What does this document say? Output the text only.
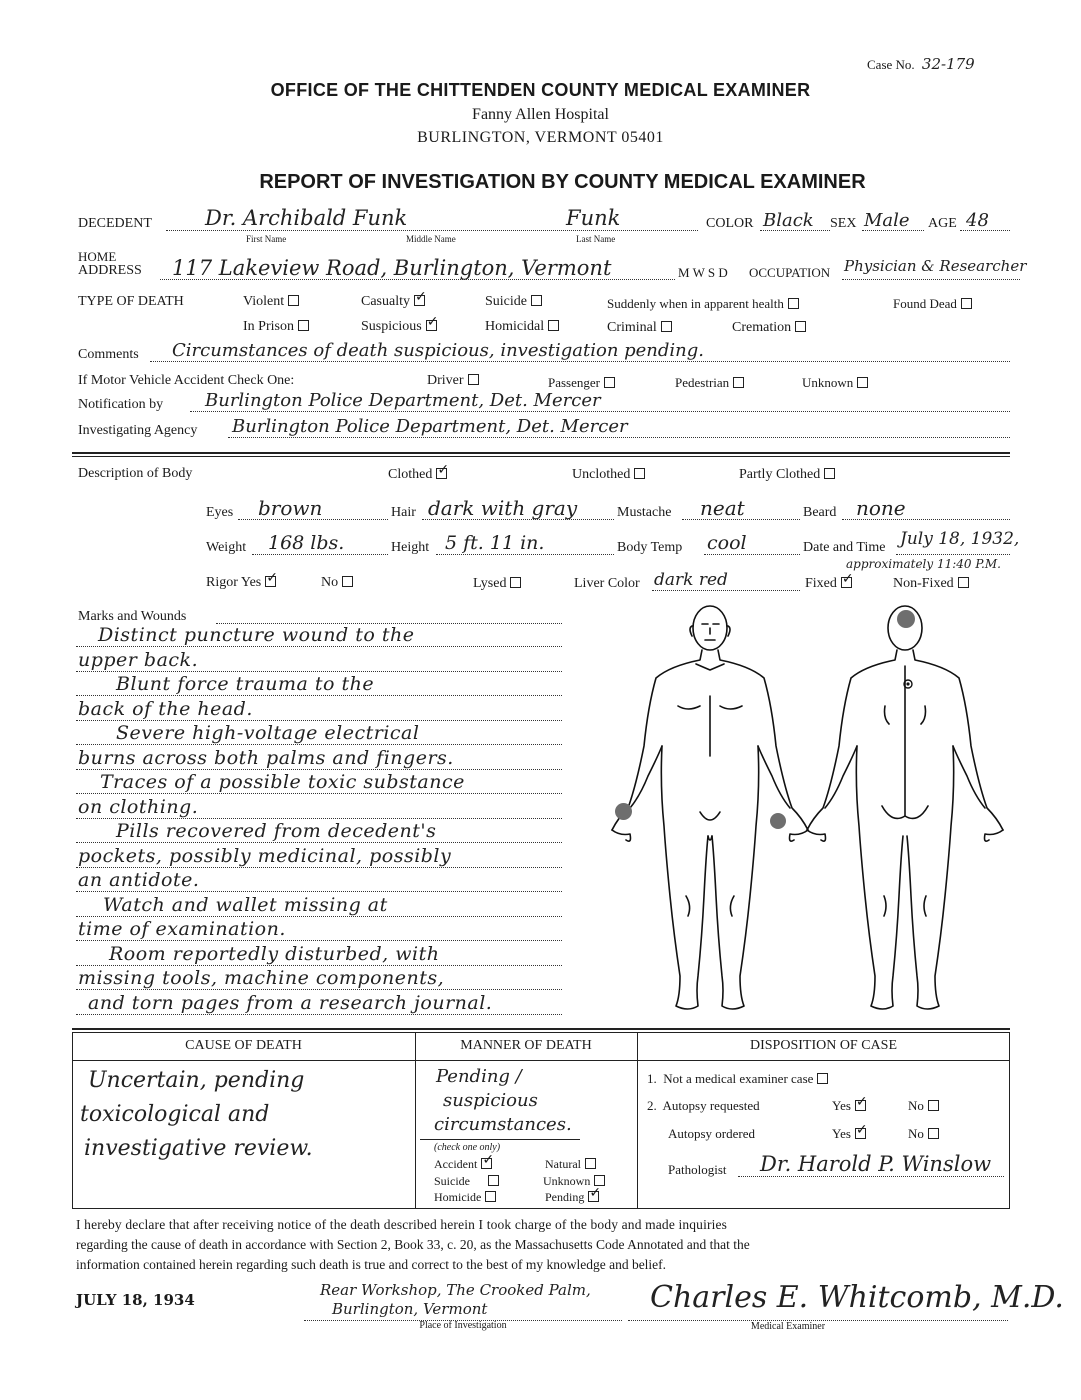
Case No. 32-179
OFFICE OF THE CHITTENDEN COUNTY MEDICAL EXAMINER
Fanny Allen Hospital
BURLINGTON, VERMONT 05401
REPORT OF INVESTIGATION BY COUNTY MEDICAL EXAMINER
DECEDENT	Dr. Archibald Funk	Funk
First Name	Middle Name	Last Name
COLOR Black SEX Male AGE 48
HOME
ADDRESS 117 Lakeview Road, Burlington, Vermont	M W S D OCCUPATION Physician & Researcher
TYPE OF DEATH	Violent	Casualty ✓	Suicide	Suddenly when in apparent health	Found Dead
In Prison	Suspicious ✓	Homicidal	Criminal	Cremation
Comments Circumstances of death suspicious, investigation pending.
If Motor Vehicle Accident Check One:	Driver	Passenger	Pedestrian	Unknown
Notification by Burlington Police Department, Det. Mercer
Investigating Agency Burlington Police Department, Det. Mercer
Description of Body	Clothed ✓	Unclothed	Partly Clothed
Eyes brown	Hair dark with gray	Mustache neat	Beard none
Weight 168 lbs.	Height 5 ft. 11 in.	Body Temp cool	Date and Time July 18, 1932,
approximately 11:40 P.M.
Rigor Yes ✓	No	Lysed	Liver Color dark red	Fixed ✓	Non-Fixed
Marks and Wounds
Distinct puncture wound to the
upper back.
Blunt force trauma to the
back of the head.
Severe high-voltage electrical
burns across both palms and fingers.
Traces of a possible toxic substance
on clothing.
Pills recovered from decedent's
pockets, possibly medicinal, possibly
an antidote.
Watch and wallet missing at
time of examination.
Room reportedly disturbed, with
missing tools, machine components,
and torn pages from a research journal.
CAUSE OF DEATH	MANNER OF DEATH	DISPOSITION OF CASE
Uncertain, pending
toxicological and
investigative review.
Pending /
suspicious
circumstances.
(check one only)
Accident ✓	Natural
Suicide	Unknown
Homicide	Pending✓
1.  Not a medical examiner case
2.  Autopsy requested	Yes ✓	No
Autopsy ordered	Yes ✓	No
Pathologist Dr. Harold P. Winslow
I hereby declare that after receiving notice of the death described herein I took charge of the body and made inquiries
regarding the cause of death in accordance with Section 2, Book 33, c. 20, as the Massachusetts Code Annotated and that the
information contained herein regarding such death is true and correct to the best of my knowledge and belief.
JULY 18, 1934
Rear Workshop, The Crooked Palm,
Burlington, Vermont
Place of Investigation
Charles E. Whitcomb, M.D.
Medical Examiner
